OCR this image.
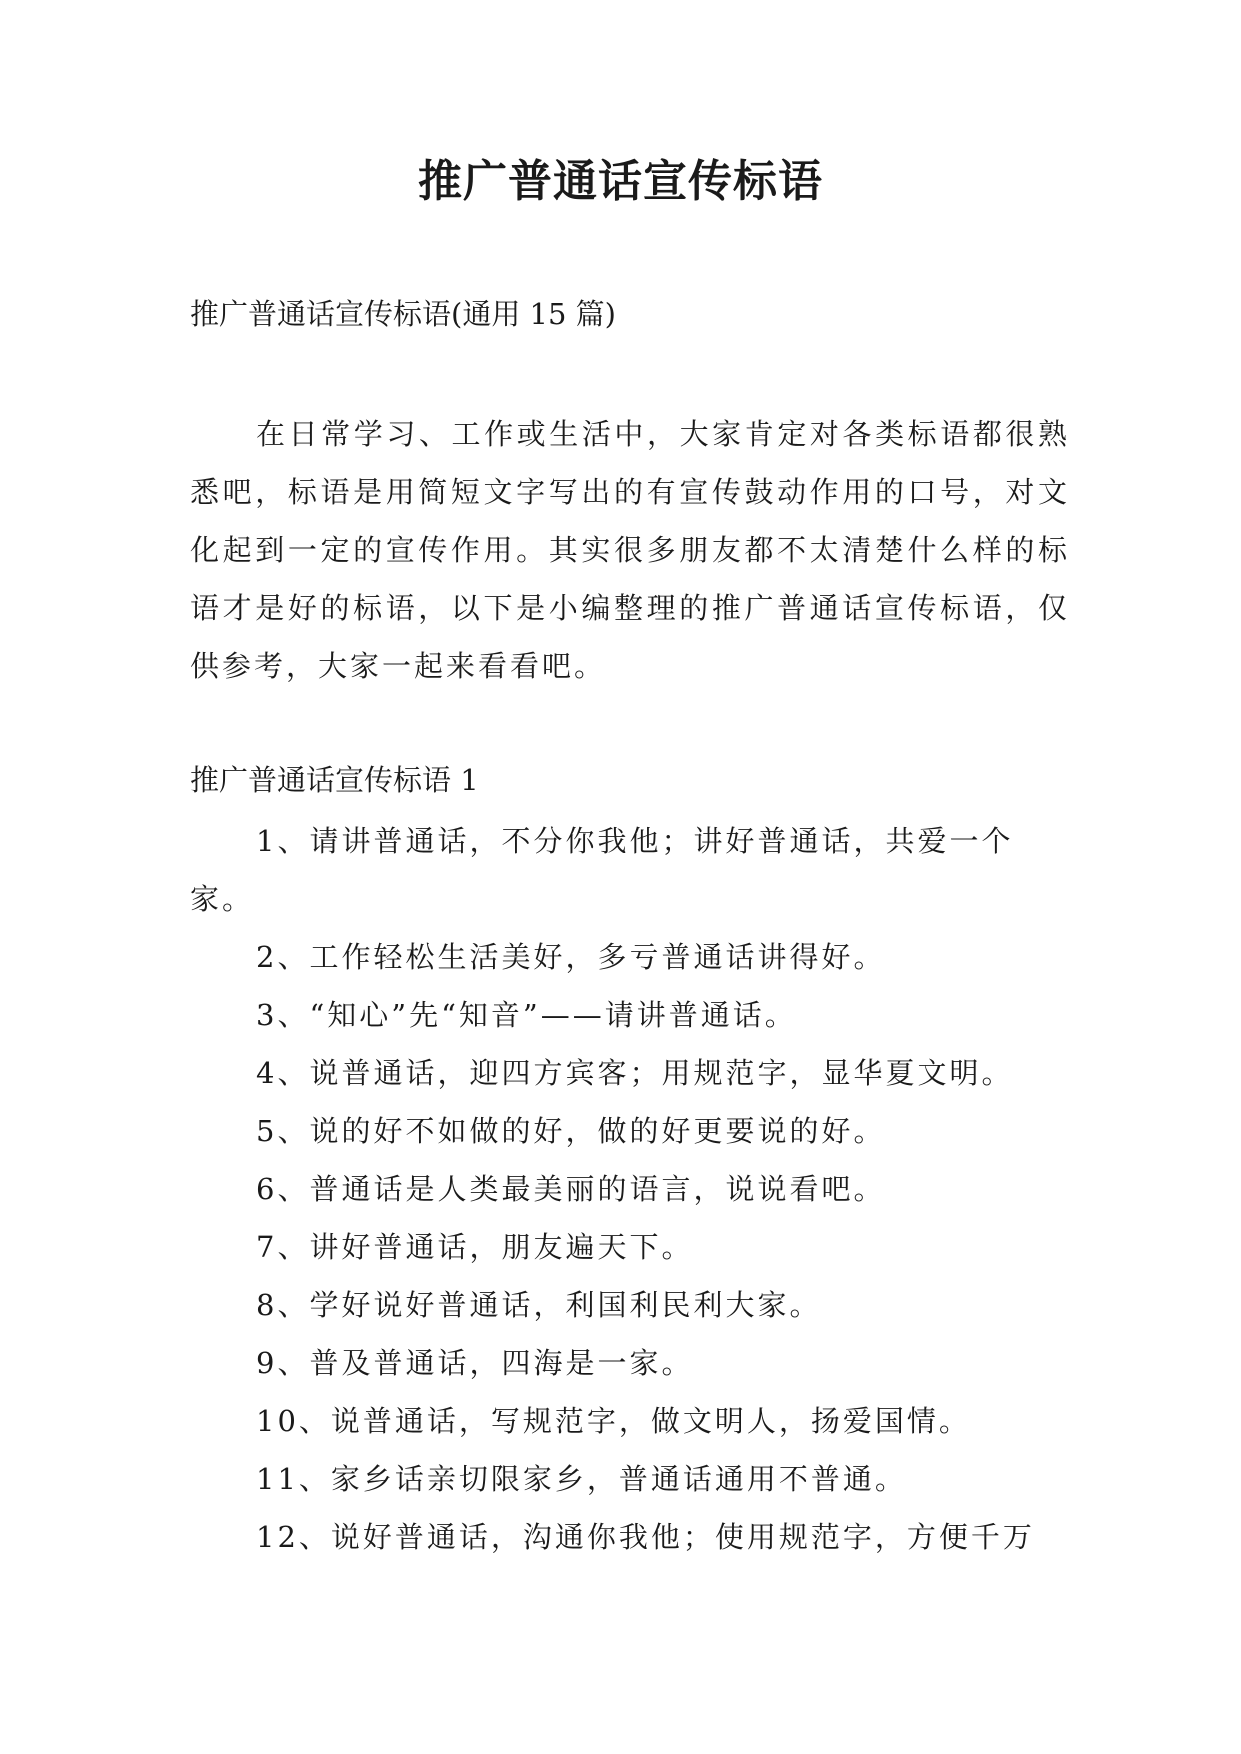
推广普通话宣传标语

推广普通话宣传标语(通用 15 篇)

在日常学习、工作或生活中，大家肯定对各类标语都很熟悉吧，标语是用简短文字写出的有宣传鼓动作用的口号，对文化起到一定的宣传作用。其实很多朋友都不太清楚什么样的标语才是好的标语，以下是小编整理的推广普通话宣传标语，仅供参考，大家一起来看看吧。

推广普通话宣传标语 1

1、请讲普通话，不分你我他；讲好普通话，共爱一个家。
2、工作轻松生活美好，多亏普通话讲得好。
3、“知心”先“知音”——请讲普通话。
4、说普通话，迎四方宾客；用规范字，显华夏文明。
5、说的好不如做的好，做的好更要说的好。
6、普通话是人类最美丽的语言，说说看吧。
7、讲好普通话，朋友遍天下。
8、学好说好普通话，利国利民利大家。
9、普及普通话，四海是一家。
10、说普通话，写规范字，做文明人，扬爱国情。
11、家乡话亲切限家乡，普通话通用不普通。
12、说好普通话，沟通你我他；使用规范字，方便千万
